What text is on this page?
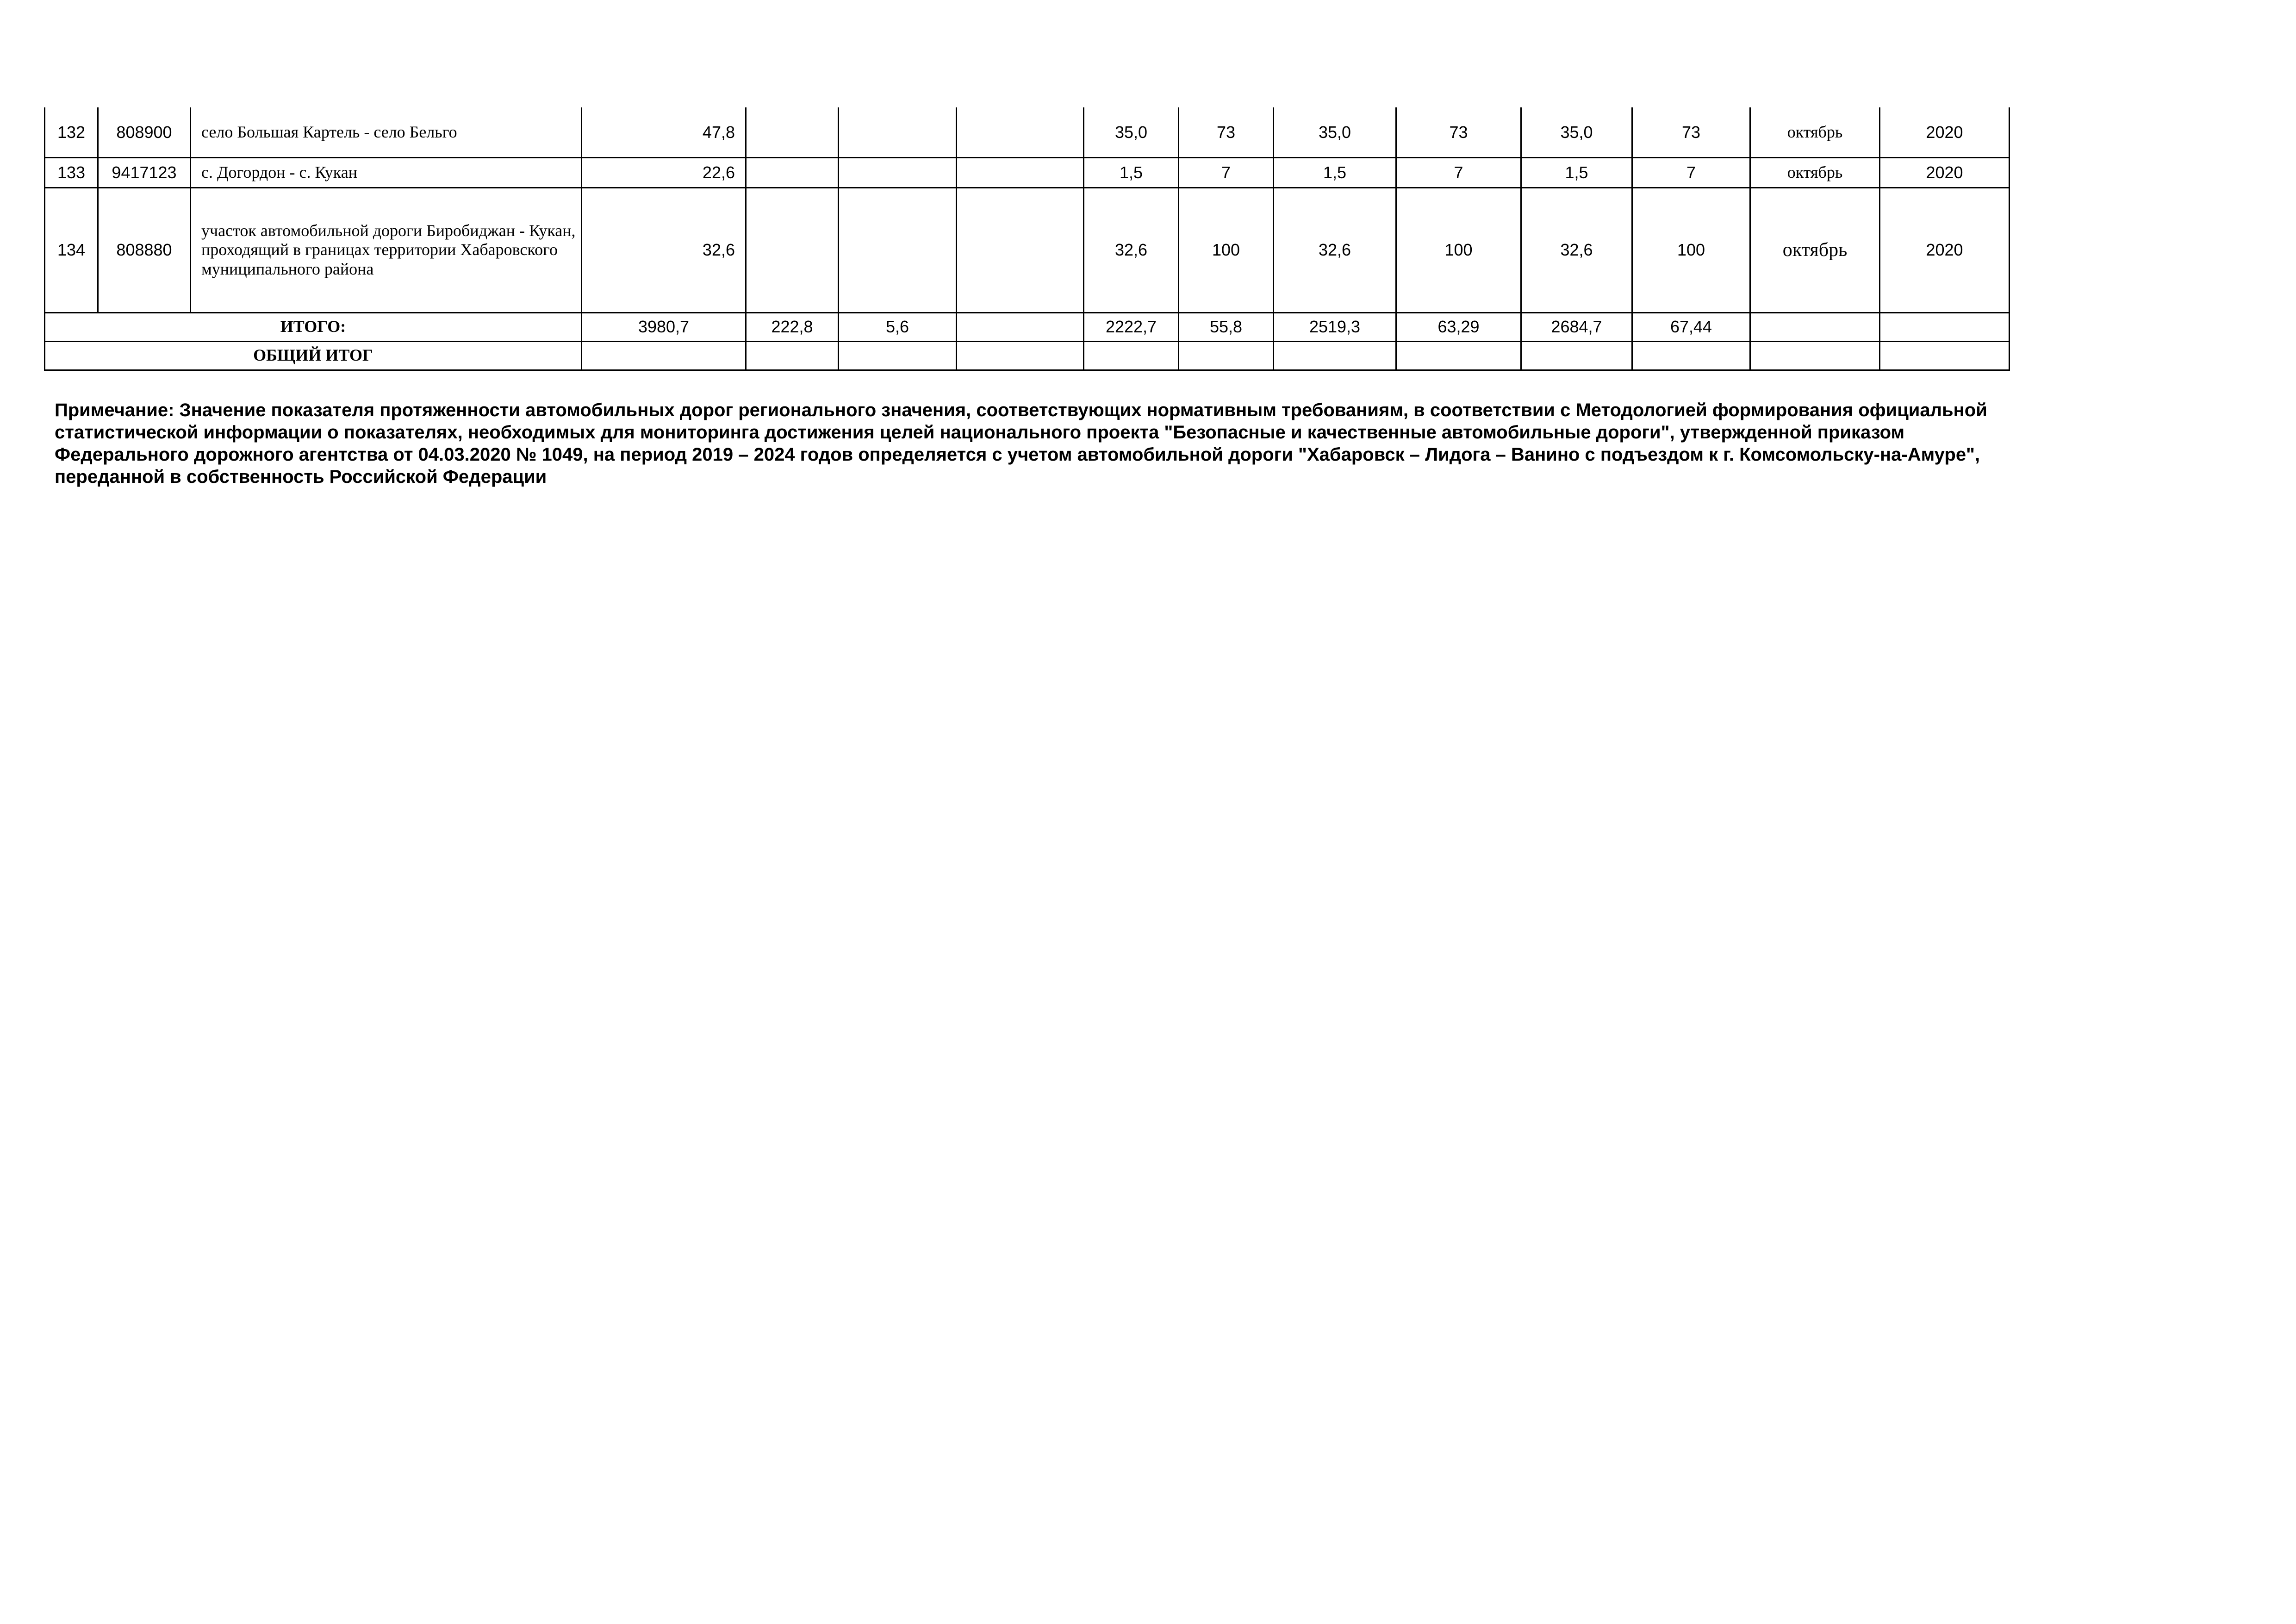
132	808900	село Большая Картель - село Бельго	47,8				35,0	73	35,0	73	35,0	73	октябрь	2020
133	9417123	с. Догордон - с. Кукан	22,6				1,5	7	1,5	7	1,5	7	октябрь	2020
134	808880	участок автомобильной дороги Биробиджан - Кукан, проходящий в границах территории Хабаровского муниципального района	32,6				32,6	100	32,6	100	32,6	100	октябрь	2020
ИТОГО:			3980,7	222,8	5,6		2222,7	55,8	2519,3	63,29	2684,7	67,44		
ОБЩИЙ ИТОГ														

Примечание: Значение показателя протяженности автомобильных дорог регионального значения, соответствующих нормативным требованиям, в соответствии с Методологией формирования официальной статистической информации о показателях, необходимых для мониторинга достижения целей национального проекта "Безопасные и качественные автомобильные дороги", утвержденной приказом Федерального дорожного агентства от 04.03.2020 № 1049, на период 2019 – 2024 годов определяется с учетом автомобильной дороги "Хабаровск – Лидога – Ванино с подъездом к г. Комсомольску-на-Амуре", переданной в собственность Российской Федерации
